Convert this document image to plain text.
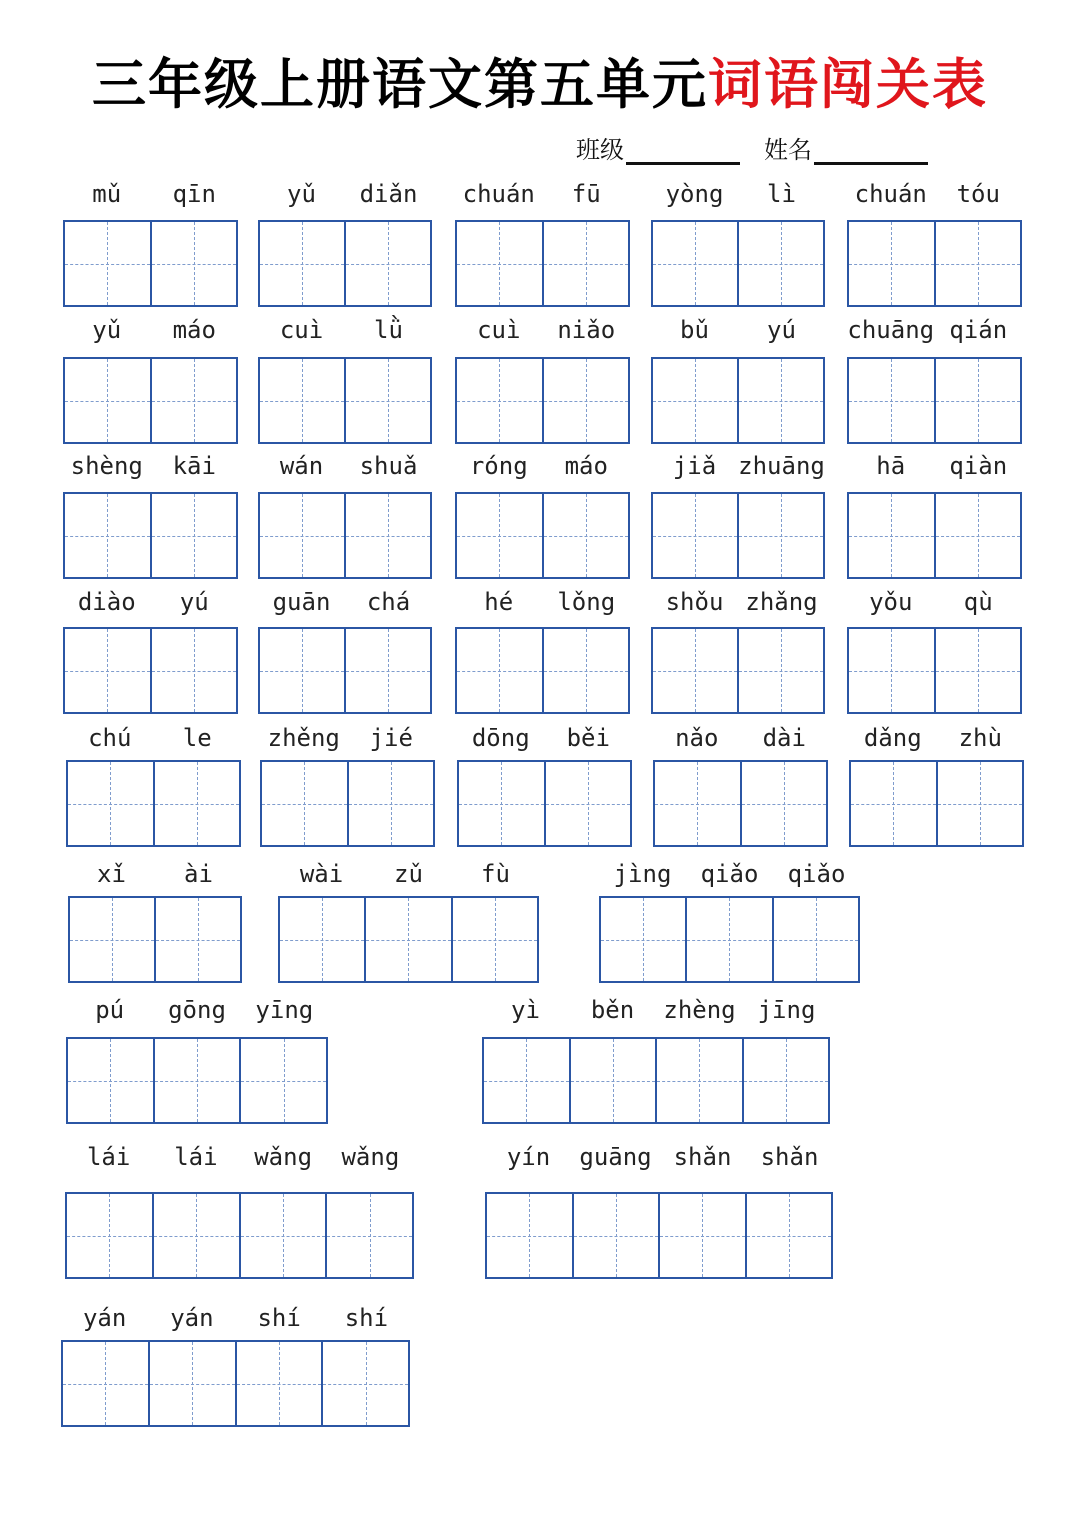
三年级上册语文第五单元词语闯关表
班级	姓名
mǔ	qīn	yǔ	diǎn	chuán	fū	yòng	lì	chuán	tóu
yǔ	máo	cuì	lǜ	cuì	niǎo	bǔ	yú	chuāng qián
shèng	kāi	wán	shuǎ	róng	máo	jiǎ zhuāng	hā	qiàn
diào	yú	guān	chá	hé	lǒng	shǒu zhǎng	yǒu	qù
chú	le	zhěng	jié	dōng	běi	nǎo	dài	dǎng	zhù
xǐ	ài	wài	zǔ	fù	jìng	qiǎo	qiǎo
pú	gōng	yīng	yì	běn	zhèng jīng
lái	lái	wǎng	wǎng	yín	guāng shǎn	shǎn
yán	yán	shí	shí
